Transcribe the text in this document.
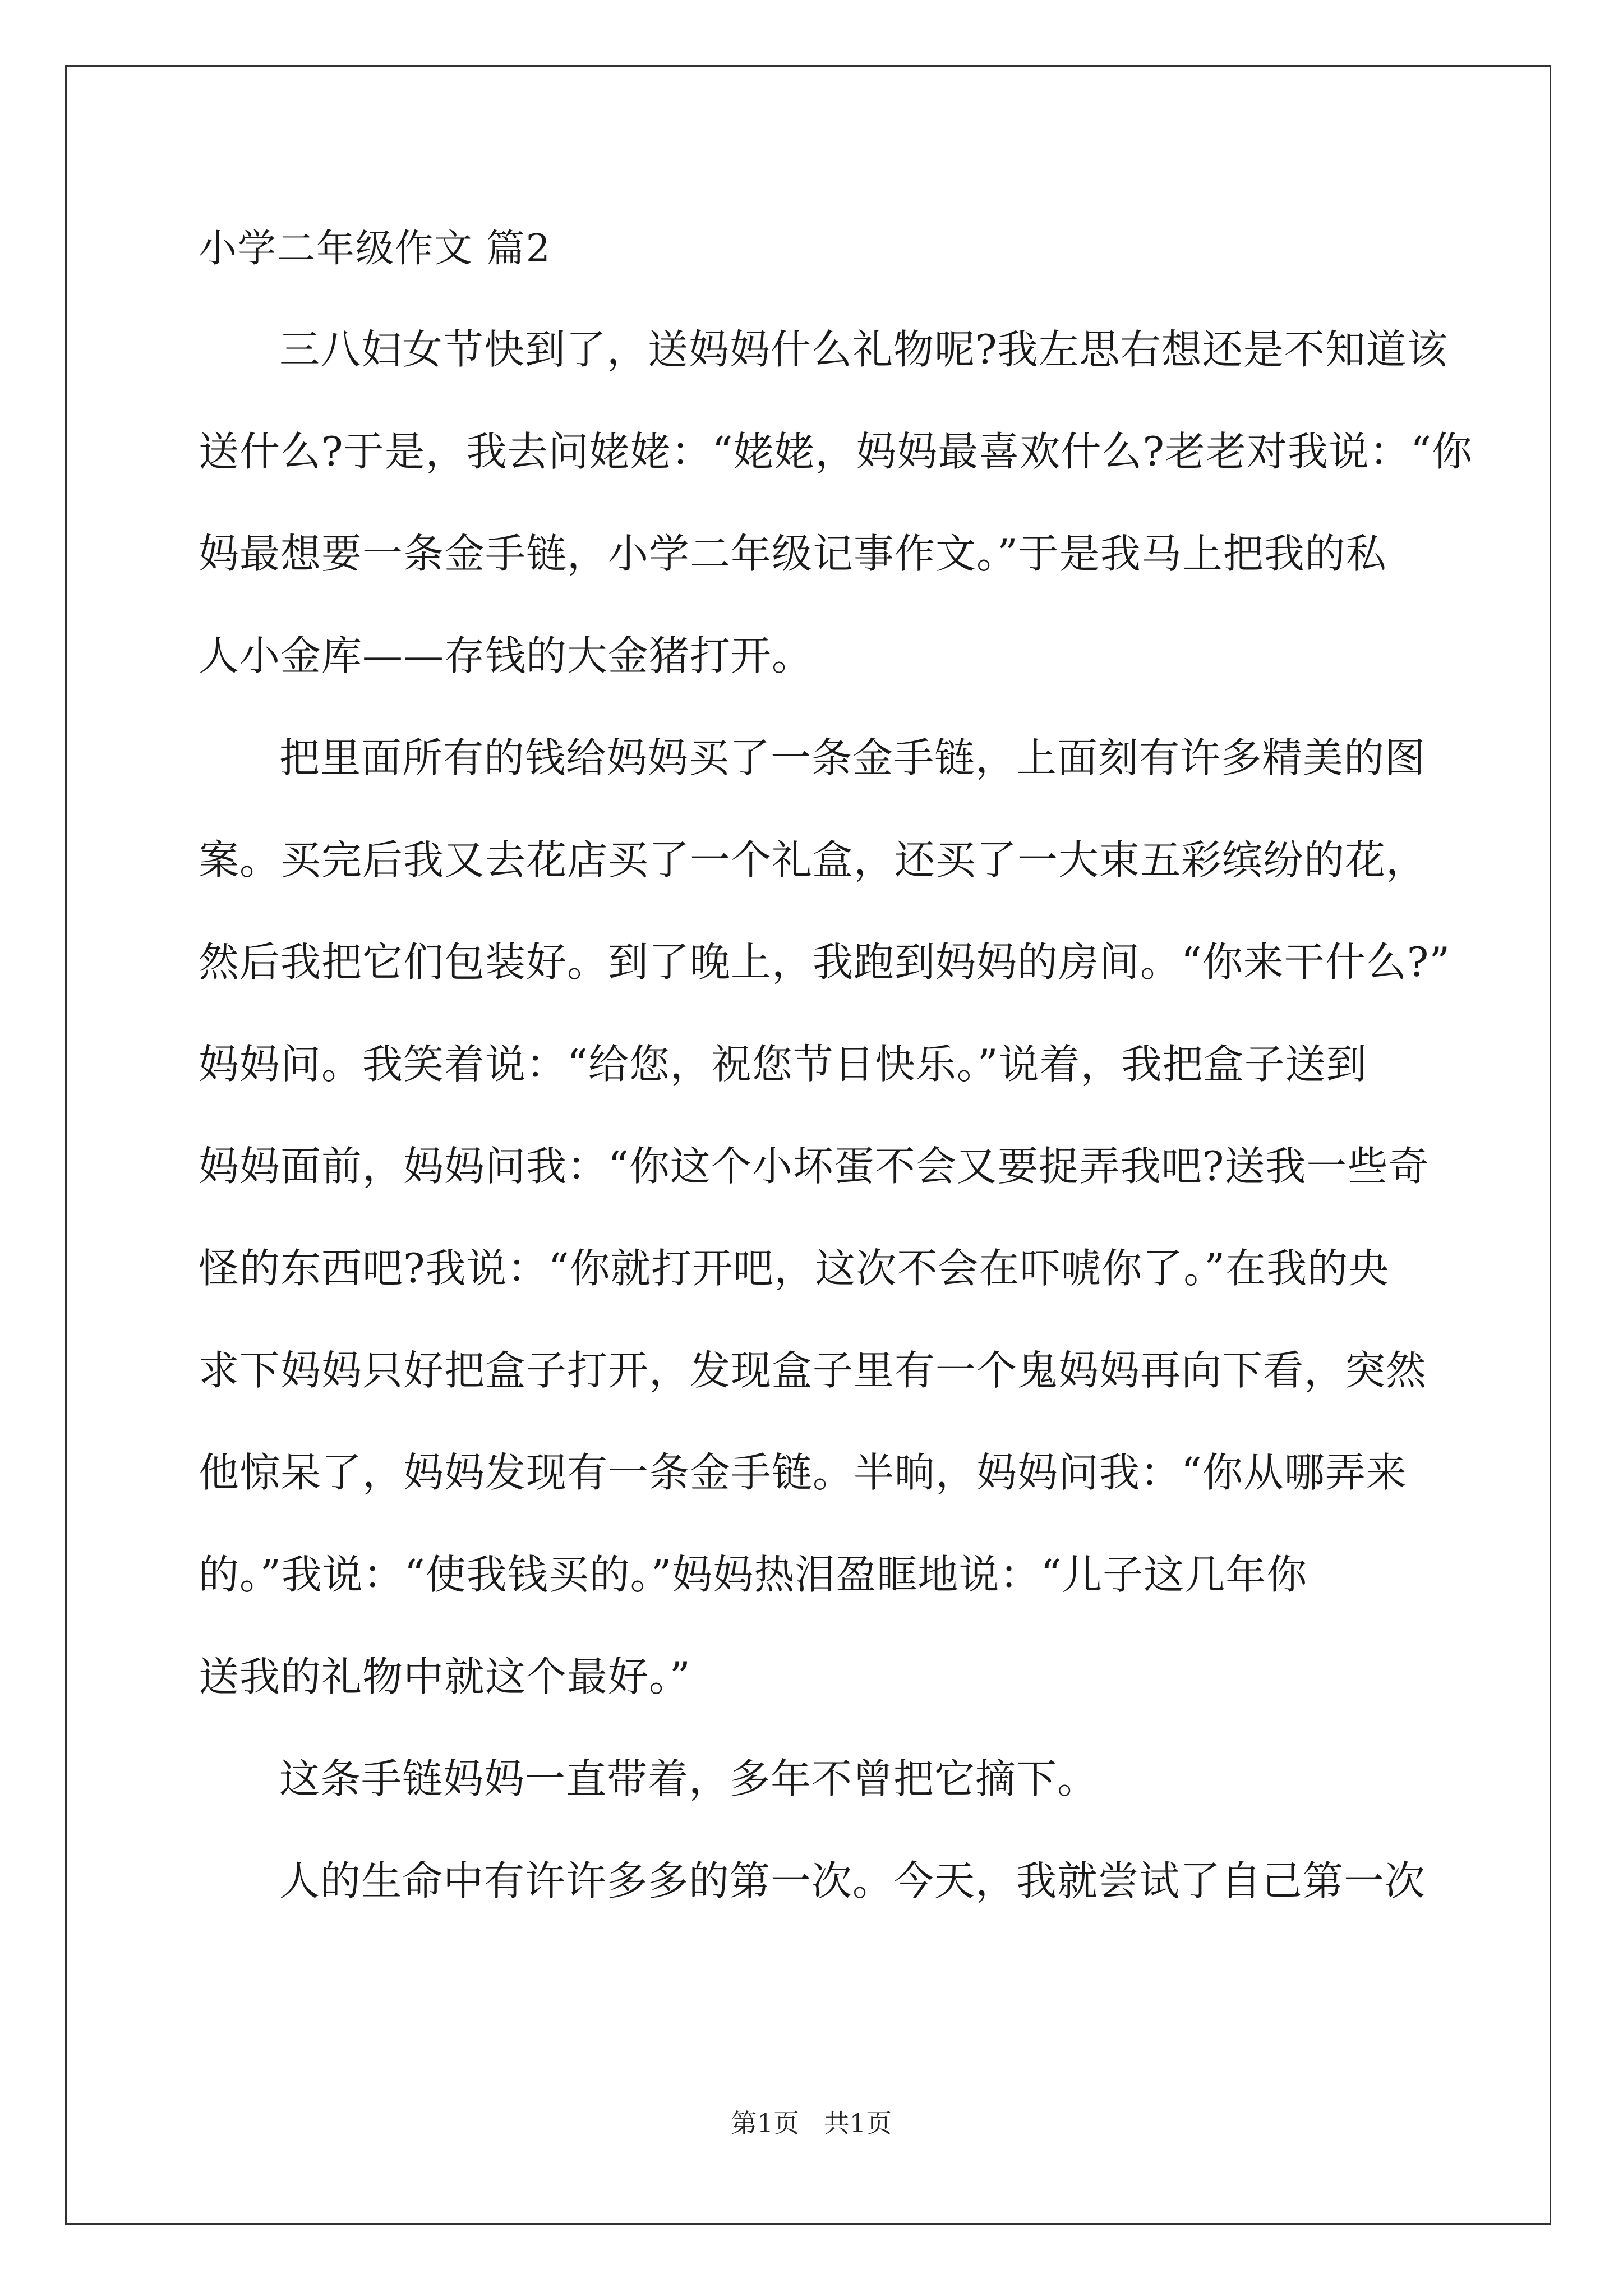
小学二年级作文 篇2
三八妇女节快到了，送妈妈什么礼物呢?我左思右想还是不知道该
送什么?于是，我去问姥姥：“姥姥，妈妈最喜欢什么?老老对我说：“你
妈最想要一条金手链，小学二年级记事作文。”于是我马上把我的私
人小金库——存钱的大金猪打开。
把里面所有的钱给妈妈买了一条金手链，上面刻有许多精美的图
案。买完后我又去花店买了一个礼盒，还买了一大束五彩缤纷的花，
然后我把它们包装好。到了晚上，我跑到妈妈的房间。“你来干什么?”
妈妈问。我笑着说：“给您，祝您节日快乐。”说着，我把盒子送到
妈妈面前，妈妈问我：“你这个小坏蛋不会又要捉弄我吧?送我一些奇
怪的东西吧?我说：“你就打开吧，这次不会在吓唬你了。”在我的央
求下妈妈只好把盒子打开，发现盒子里有一个鬼妈妈再向下看，突然
他惊呆了，妈妈发现有一条金手链。半晌，妈妈问我：“你从哪弄来
的。”我说：“使我钱买的。”妈妈热泪盈眶地说：“儿子这几年你
送我的礼物中就这个最好。”
这条手链妈妈一直带着，多年不曾把它摘下。
人的生命中有许许多多的第一次。今天，我就尝试了自己第一次
第1页   共1页
